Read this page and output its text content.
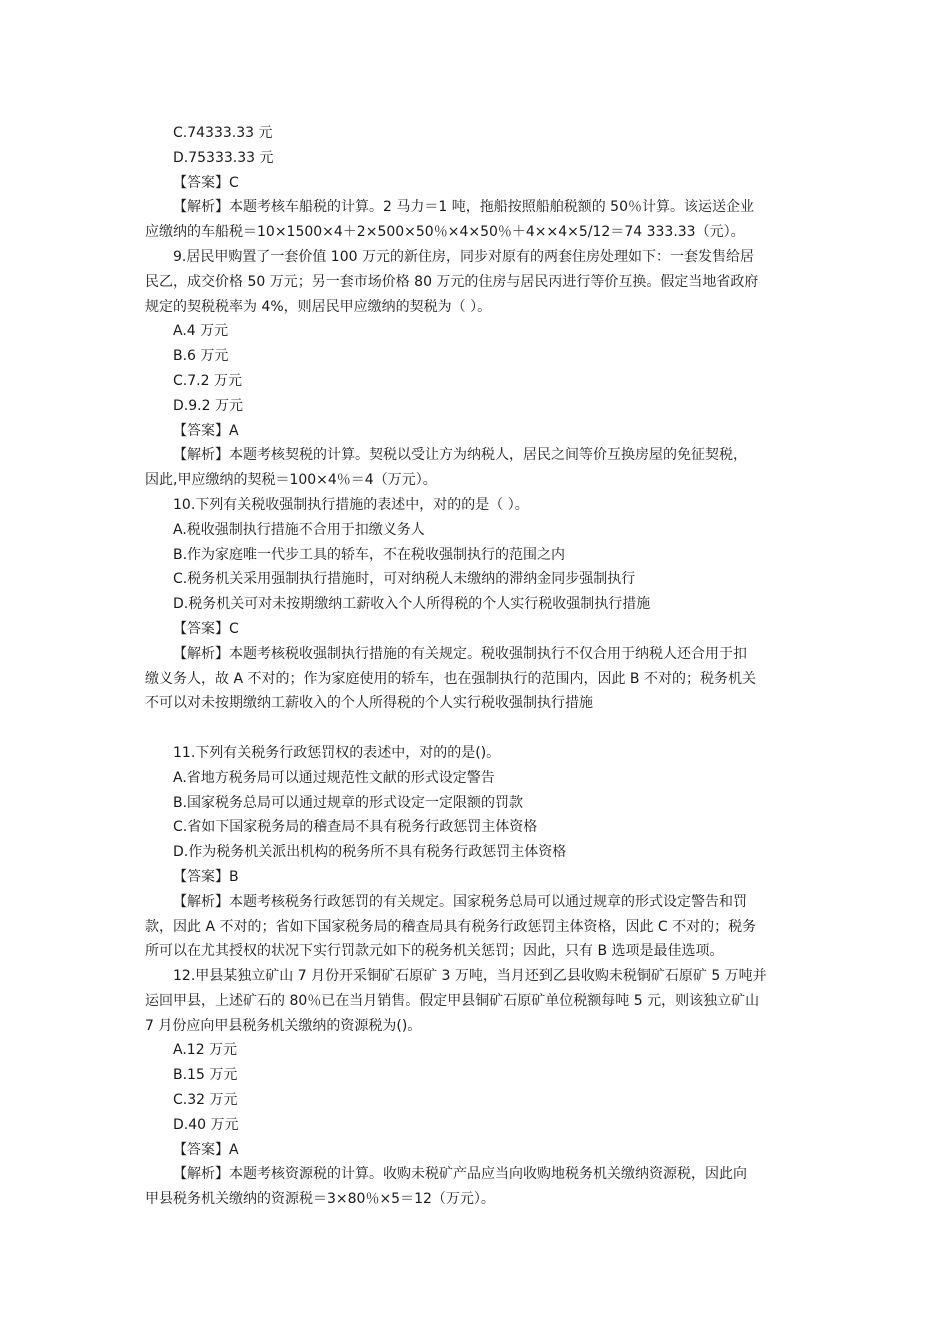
C.74333.33 元
D.75333.33 元
【答案】C
【解析】本题考核车船税的计算。2 马力＝1 吨，拖船按照船舶税额的 50％计算。该运送企业
应缴纳的车船税＝10×1500×4＋2×500×50％×4×50％＋4××4×5/12＝74 333.33（元）。
9.居民甲购置了一套价值 100 万元的新住房，同步对原有的两套住房处理如下：一套发售给居
民乙，成交价格 50 万元；另一套市场价格 80 万元的住房与居民丙进行等价互换。假定当地省政府
规定的契税税率为 4%，则居民甲应缴纳的契税为（ ）。
A.4 万元
B.6 万元
C.7.2 万元
D.9.2 万元
【答案】A
【解析】本题考核契税的计算。契税以受让方为纳税人，居民之间等价互换房屋的免征契税，
因此,甲应缴纳的契税＝100×4％＝4（万元）。
10.下列有关税收强制执行措施的表述中，对的的是（ ）。
A.税收强制执行措施不合用于扣缴义务人
B.作为家庭唯一代步工具的轿车，不在税收强制执行的范围之内
C.税务机关采用强制执行措施时，可对纳税人未缴纳的滞纳金同步强制执行
D.税务机关可对未按期缴纳工薪收入个人所得税的个人实行税收强制执行措施
【答案】C
【解析】本题考核税收强制执行措施的有关规定。税收强制执行不仅合用于纳税人还合用于扣
缴义务人，故 A 不对的；作为家庭使用的轿车，也在强制执行的范围内，因此 B 不对的；税务机关
不可以对未按期缴纳工薪收入的个人所得税的个人实行税收强制执行措施
11.下列有关税务行政惩罚权的表述中，对的的是()。
A.省地方税务局可以通过规范性文献的形式设定警告
B.国家税务总局可以通过规章的形式设定一定限额的罚款
C.省如下国家税务局的稽查局不具有税务行政惩罚主体资格
D.作为税务机关派出机构的税务所不具有税务行政惩罚主体资格
【答案】B
【解析】本题考核税务行政惩罚的有关规定。国家税务总局可以通过规章的形式设定警告和罚
款，因此 A 不对的；省如下国家税务局的稽查局具有税务行政惩罚主体资格，因此 C 不对的；税务
所可以在尤其授权的状况下实行罚款元如下的税务机关惩罚；因此，只有 B 选项是最佳选项。
12.甲县某独立矿山 7 月份开采铜矿石原矿 3 万吨，当月还到乙县收购未税铜矿石原矿 5 万吨并
运回甲县，上述矿石的 80％已在当月销售。假定甲县铜矿石原矿单位税额每吨 5 元，则该独立矿山
7 月份应向甲县税务机关缴纳的资源税为()。
A.12 万元
B.15 万元
C.32 万元
D.40 万元
【答案】A
【解析】本题考核资源税的计算。收购未税矿产品应当向收购地税务机关缴纳资源税，因此向
甲县税务机关缴纳的资源税＝3×80％×5＝12（万元）。
